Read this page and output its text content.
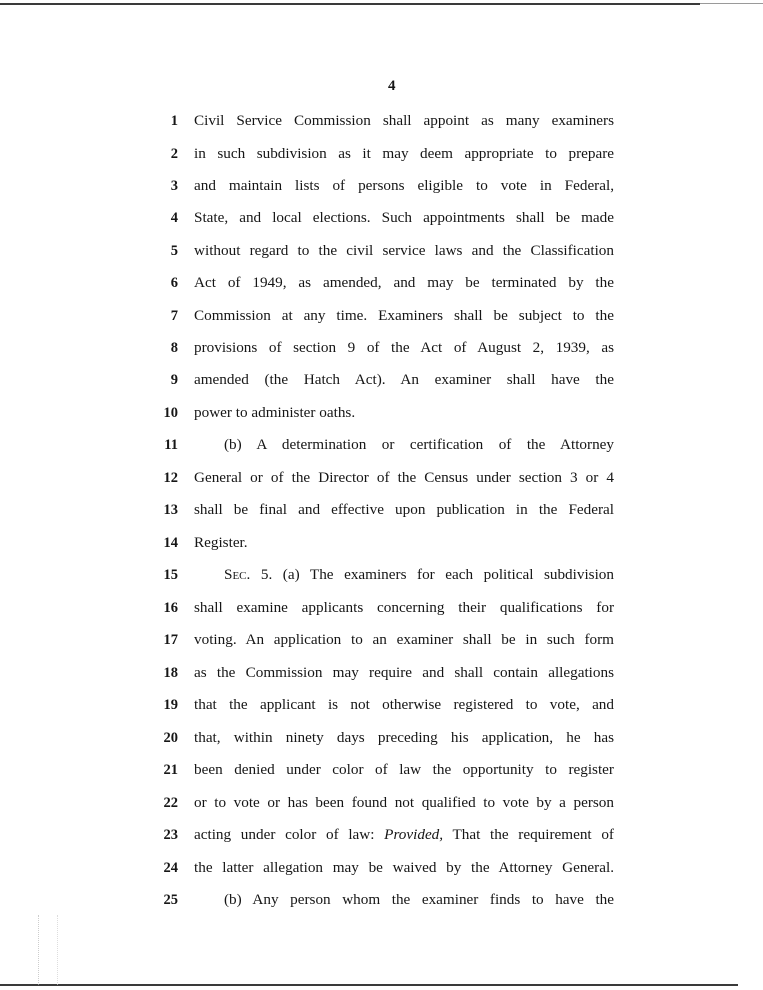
4
1 Civil Service Commission shall appoint as many examiners
2 in such subdivision as it may deem appropriate to prepare
3 and maintain lists of persons eligible to vote in Federal,
4 State, and local elections. Such appointments shall be made
5 without regard to the civil service laws and the Classification
6 Act of 1949, as amended, and may be terminated by the
7 Commission at any time. Examiners shall be subject to the
8 provisions of section 9 of the Act of August 2, 1939, as
9 amended (the Hatch Act). An examiner shall have the
10 power to administer oaths.
11	(b) A determination or certification of the Attorney
12 General or of the Director of the Census under section 3 or 4
13 shall be final and effective upon publication in the Federal
14 Register.
15	Sec. 5. (a) The examiners for each political subdivision
16 shall examine applicants concerning their qualifications for
17 voting. An application to an examiner shall be in such form
18 as the Commission may require and shall contain allegations
19 that the applicant is not otherwise registered to vote, and
20 that, within ninety days preceding his application, he has
21 been denied under color of law the opportunity to register
22 or to vote or has been found not qualified to vote by a person
23 acting under color of law: Provided, That the requirement of
24 the latter allegation may be waived by the Attorney General.
25	(b) Any person whom the examiner finds to have the
